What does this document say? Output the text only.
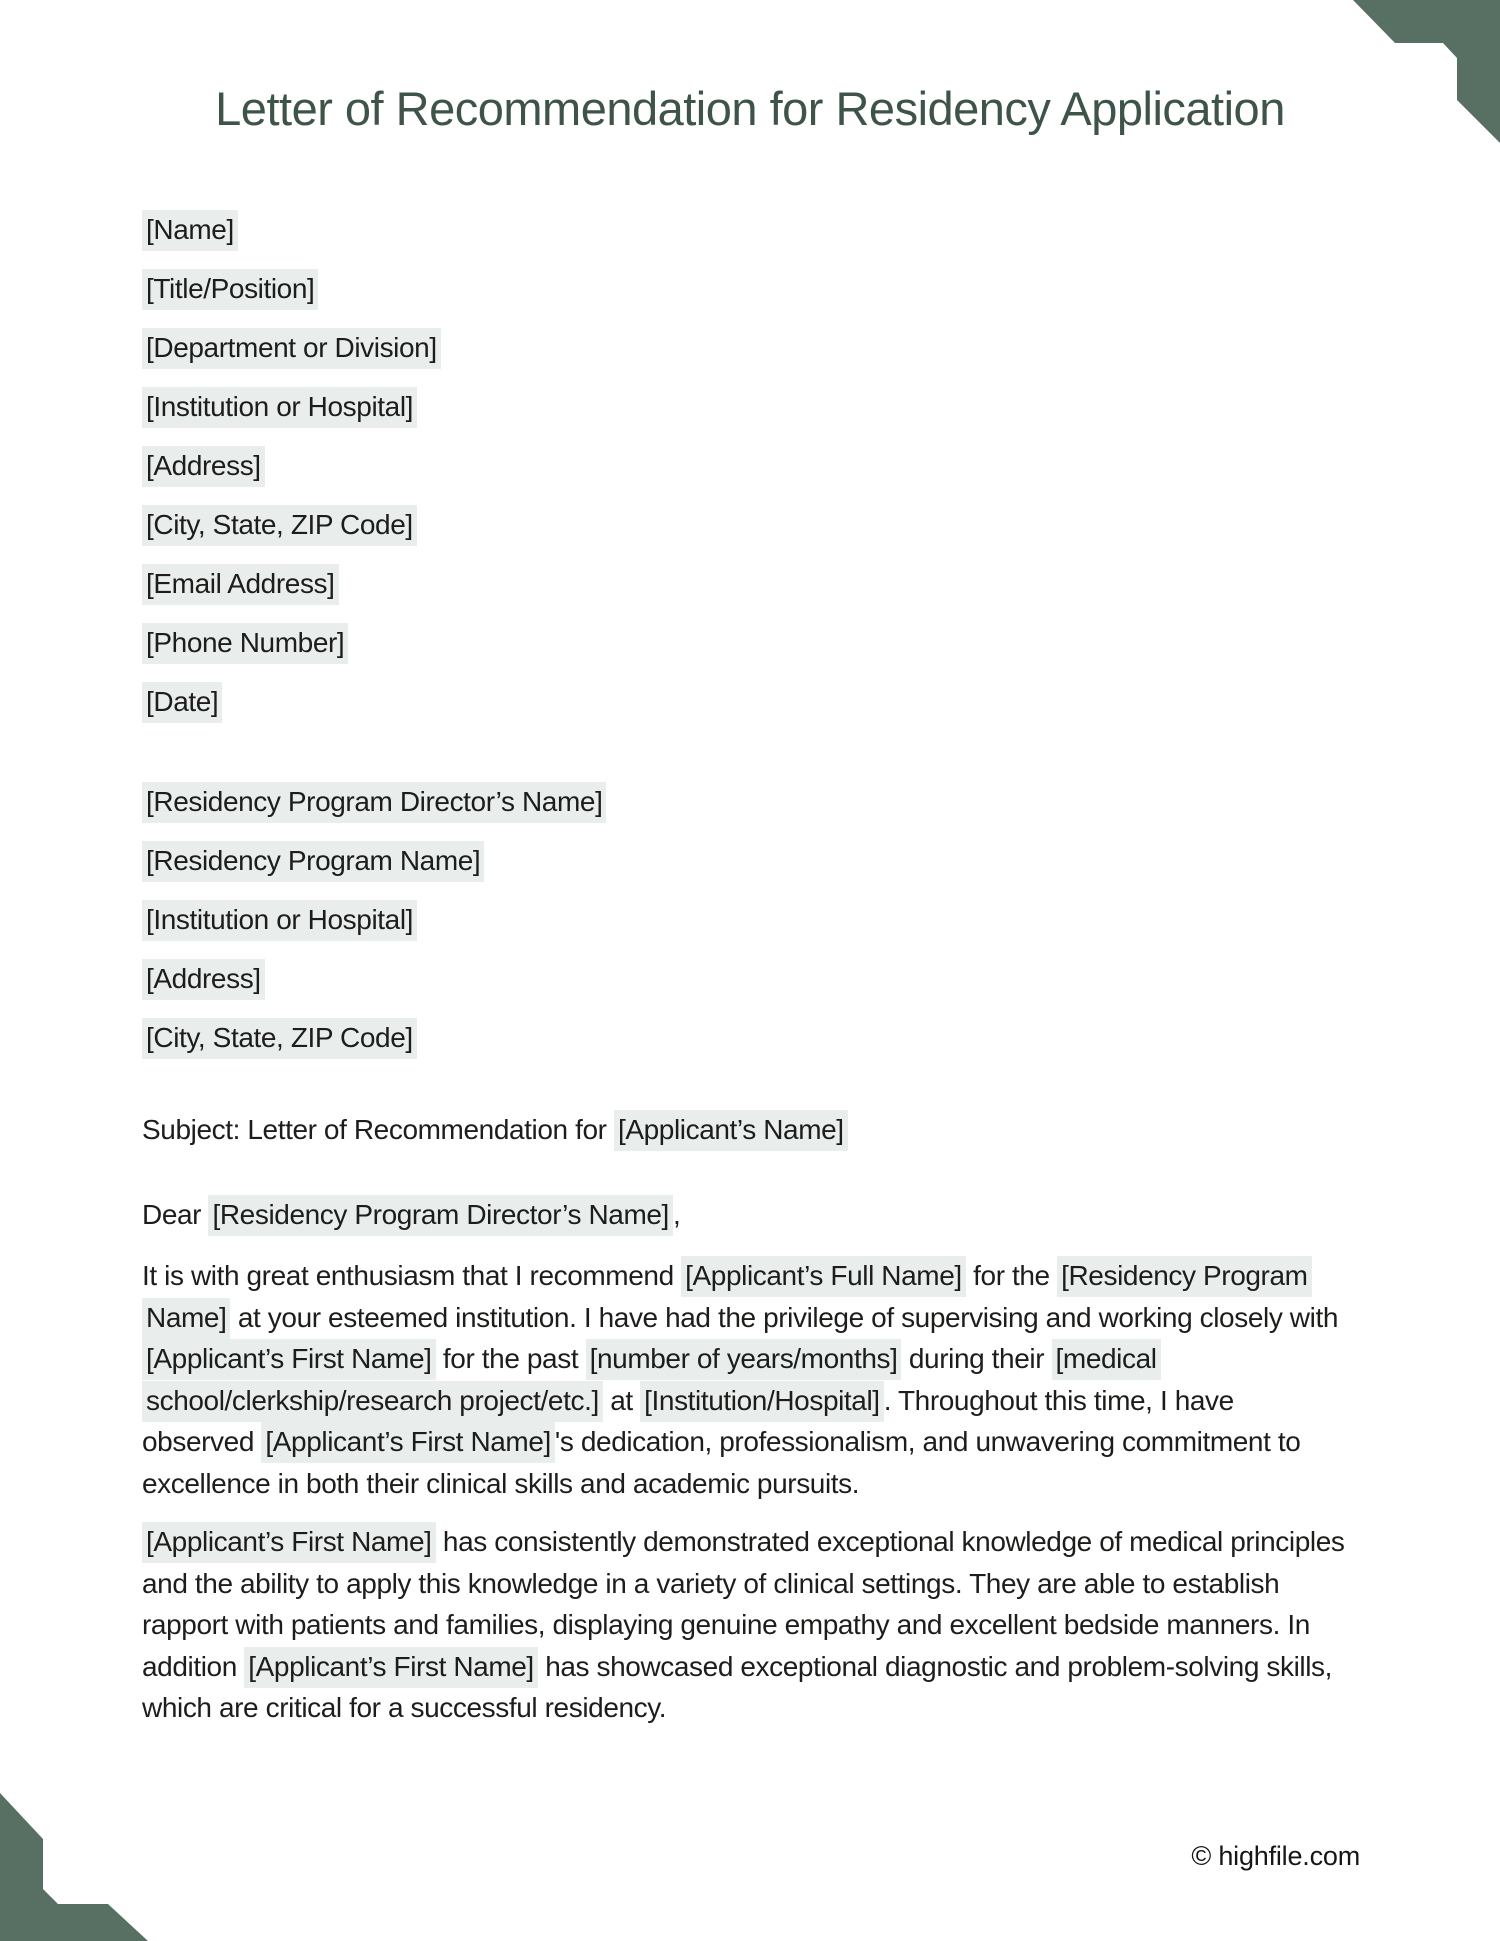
Letter of Recommendation for Residency Application
[Name]
[Title/Position]
[Department or Division]
[Institution or Hospital]
[Address]
[City, State, ZIP Code]
[Email Address]
[Phone Number]
[Date]
[Residency Program Director’s Name]
[Residency Program Name]
[Institution or Hospital]
[Address]
[City, State, ZIP Code]
Subject: Letter of Recommendation for [Applicant’s Name]
Dear [Residency Program Director’s Name] ,
It is with great enthusiasm that I recommend [Applicant’s Full Name] for the [Residency Program
Name] at your esteemed institution. I have had the privilege of supervising and working closely with
[Applicant’s First Name] for the past [number of years/months] during their [medical
school/clerkship/research project/etc.] at [Institution/Hospital] . Throughout this time, I have
observed [Applicant’s First Name] 's dedication, professionalism, and unwavering commitment to
excellence in both their clinical skills and academic pursuits.
[Applicant’s First Name] has consistently demonstrated exceptional knowledge of medical principles
and the ability to apply this knowledge in a variety of clinical settings. They are able to establish
rapport with patients and families, displaying genuine empathy and excellent bedside manners. In
addition [Applicant’s First Name] has showcased exceptional diagnostic and problem-solving skills,
which are critical for a successful residency.
© highfile.com
